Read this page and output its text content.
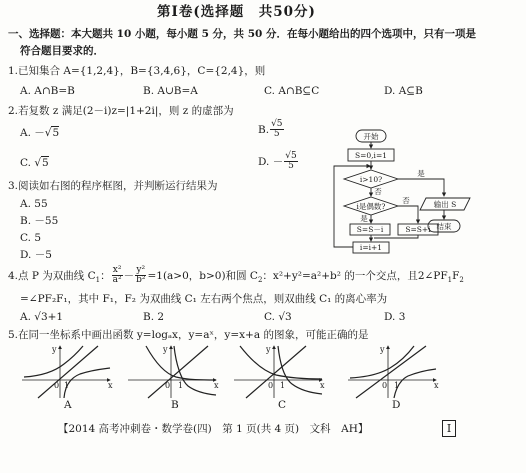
第Ⅰ卷(选择题　共50分)
一、选择题：本大题共 10 小题，每小题 5 分，共 50 分．在每小题给出的四个选项中，只有一项是
符合题目要求的．
1.已知集合 A={1,2,4}，B={3,4,6}，C={2,4}，则
A. A∩B=B	B. A∪B=A	C. A∩B⊆C	D. A⊆B
2.若复数 z 满足(2－i)z=|1+2i|，则 z 的虚部为
A. －√5	B. $\frac{√5}{5}$
C. √5	D. － $\frac{√5}{5}$
3.阅读如右图的程序框图，并判断运行结果为
A. 55
B. －55
C. 5
D. －5
开始
S=0,i=1
i>10?
是
否
i是偶数?
是
否
S=S－i	S=S+i
i=i+1
输出 S
结束
4.点 P 为双曲线 $C_1$： $\frac{\text{x²}}{\text{a²}} - \frac{\text{y²}}{\text{b²}} =1(a>0$，b>0)和圆 $C_2$：x²+y²=a²+b² 的一个交点，且$2\angle PF_1F_2$
=∠PF₂F₁，其中 F₁，F₂ 为双曲线 C₁ 左右两个焦点，则双曲线 C₁ 的离心率为
A. √3+1	B. 2	C. √3	D. 3
5.在同一坐标系中画出函数 y=logₐx，y=aˣ，y=x+a 的图象，可能正确的是
0 1	x
y
A
0 1	x
y
B
0 1	x
y
C
0 1	x
y
D
【2014 高考冲刺卷・数学卷(四)　第 1 页(共 4 页)　文科　AH】	Ⅰ
